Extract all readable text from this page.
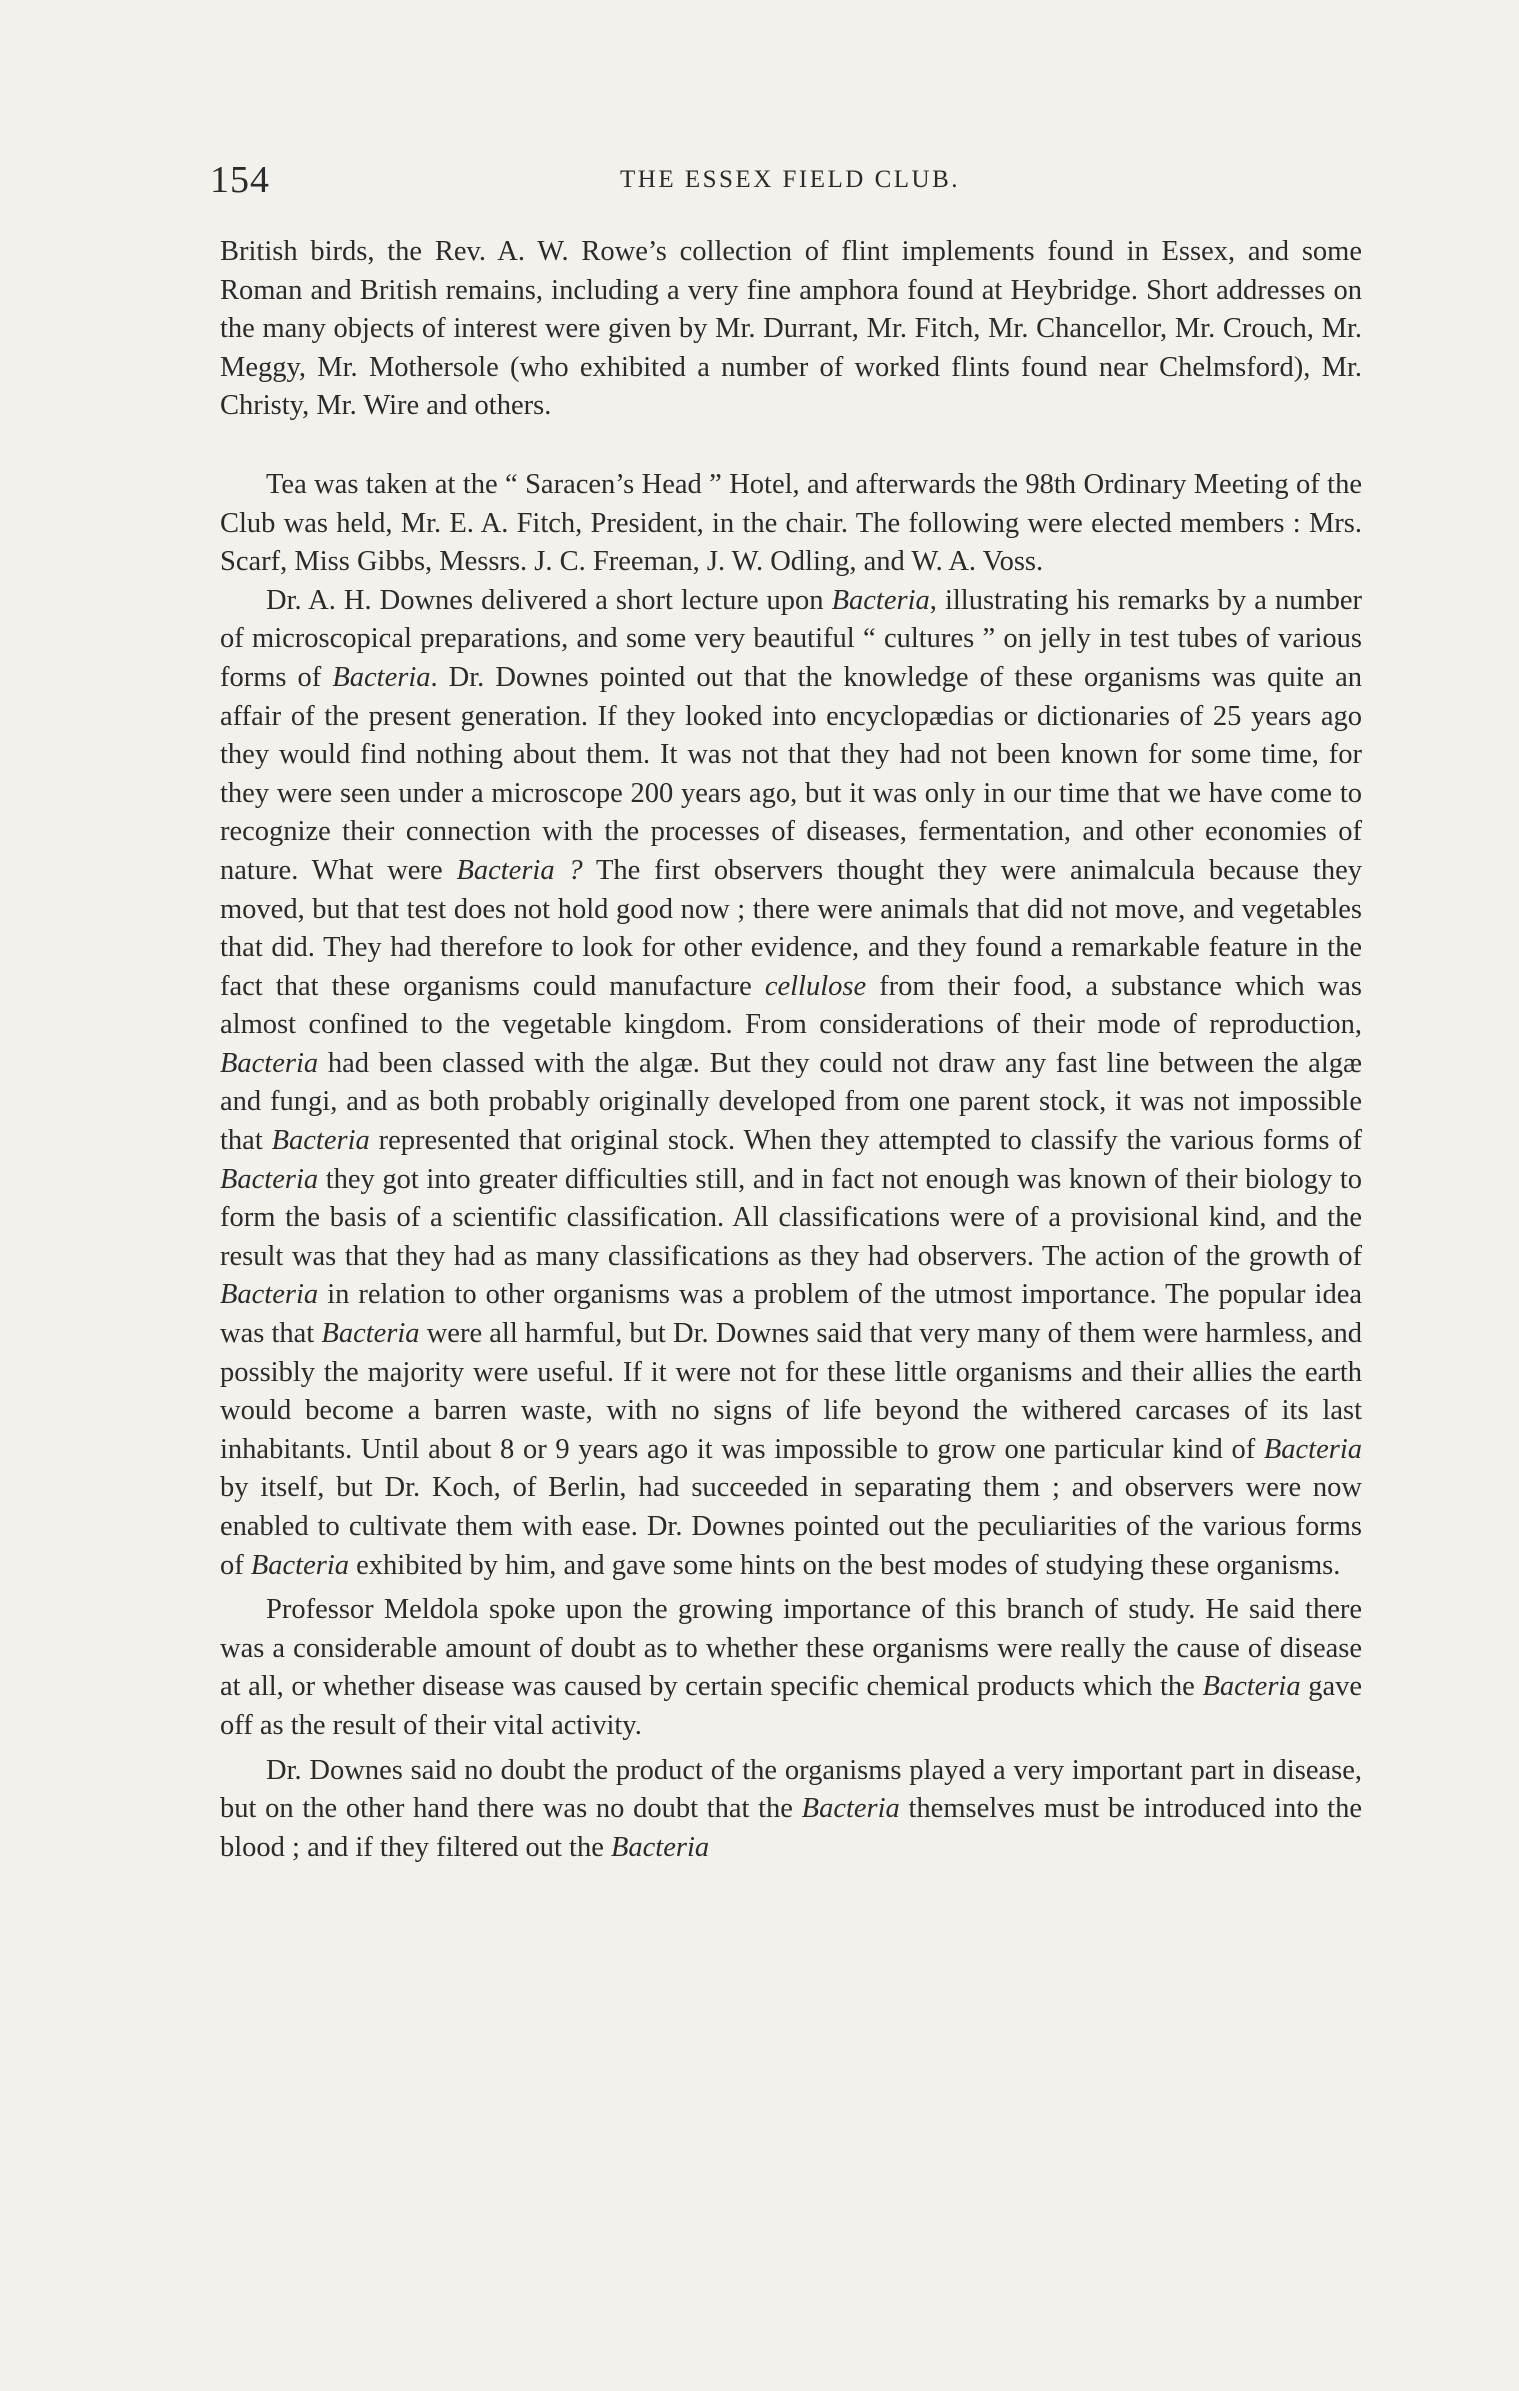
154	THE ESSEX FIELD CLUB.

British birds, the Rev. A. W. Rowe’s collection of flint implements found in Essex, and some Roman and British remains, including a very fine amphora found at Heybridge. Short addresses on the many objects of interest were given by Mr. Durrant, Mr. Fitch, Mr. Chancellor, Mr. Crouch, Mr. Meggy, Mr. Mothersole (who exhibited a number of worked flints found near Chelmsford), Mr. Christy, Mr. Wire and others.

Tea was taken at the “ Saracen’s Head ” Hotel, and afterwards the 98th Ordinary Meeting of the Club was held, Mr. E. A. Fitch, President, in the chair. The following were elected members : Mrs. Scarf, Miss Gibbs, Messrs. J. C. Freeman, J. W. Odling, and W. A. Voss.

Dr. A. H. Downes delivered a short lecture upon Bacteria, illustrating his remarks by a number of microscopical preparations, and some very beautiful “ cultures ” on jelly in test tubes of various forms of Bacteria. Dr. Downes pointed out that the knowledge of these organisms was quite an affair of the present generation. If they looked into encyclopædias or dictionaries of 25 years ago they would find nothing about them. It was not that they had not been known for some time, for they were seen under a microscope 200 years ago, but it was only in our time that we have come to recognize their connection with the processes of diseases, fermentation, and other economies of nature. What were Bacteria ? The first observers thought they were animalcula because they moved, but that test does not hold good now ; there were animals that did not move, and vegetables that did. They had therefore to look for other evidence, and they found a remarkable feature in the fact that these organisms could manufacture cellulose from their food, a substance which was almost confined to the vegetable kingdom. From considerations of their mode of reproduction, Bacteria had been classed with the algæ. But they could not draw any fast line between the algæ and fungi, and as both probably originally developed from one parent stock, it was not impossible that Bacteria represented that original stock. When they attempted to classify the various forms of Bacteria they got into greater difficulties still, and in fact not enough was known of their biology to form the basis of a scientific classification. All classifications were of a provisional kind, and the result was that they had as many classifications as they had observers. The action of the growth of Bacteria in relation to other organisms was a problem of the utmost importance. The popular idea was that Bacteria were all harmful, but Dr. Downes said that very many of them were harmless, and possibly the majority were useful. If it were not for these little organisms and their allies the earth would become a barren waste, with no signs of life beyond the withered carcases of its last inhabitants. Until about 8 or 9 years ago it was impossible to grow one particular kind of Bacteria by itself, but Dr. Koch, of Berlin, had succeeded in separating them ; and observers were now enabled to cultivate them with ease. Dr. Downes pointed out the peculiarities of the various forms of Bacteria exhibited by him, and gave some hints on the best modes of studying these organisms.

Professor Meldola spoke upon the growing importance of this branch of study. He said there was a considerable amount of doubt as to whether these organisms were really the cause of disease at all, or whether disease was caused by certain specific chemical products which the Bacteria gave off as the result of their vital activity.

Dr. Downes said no doubt the product of the organisms played a very important part in disease, but on the other hand there was no doubt that the Bacteria themselves must be introduced into the blood ; and if they filtered out the Bacteria
